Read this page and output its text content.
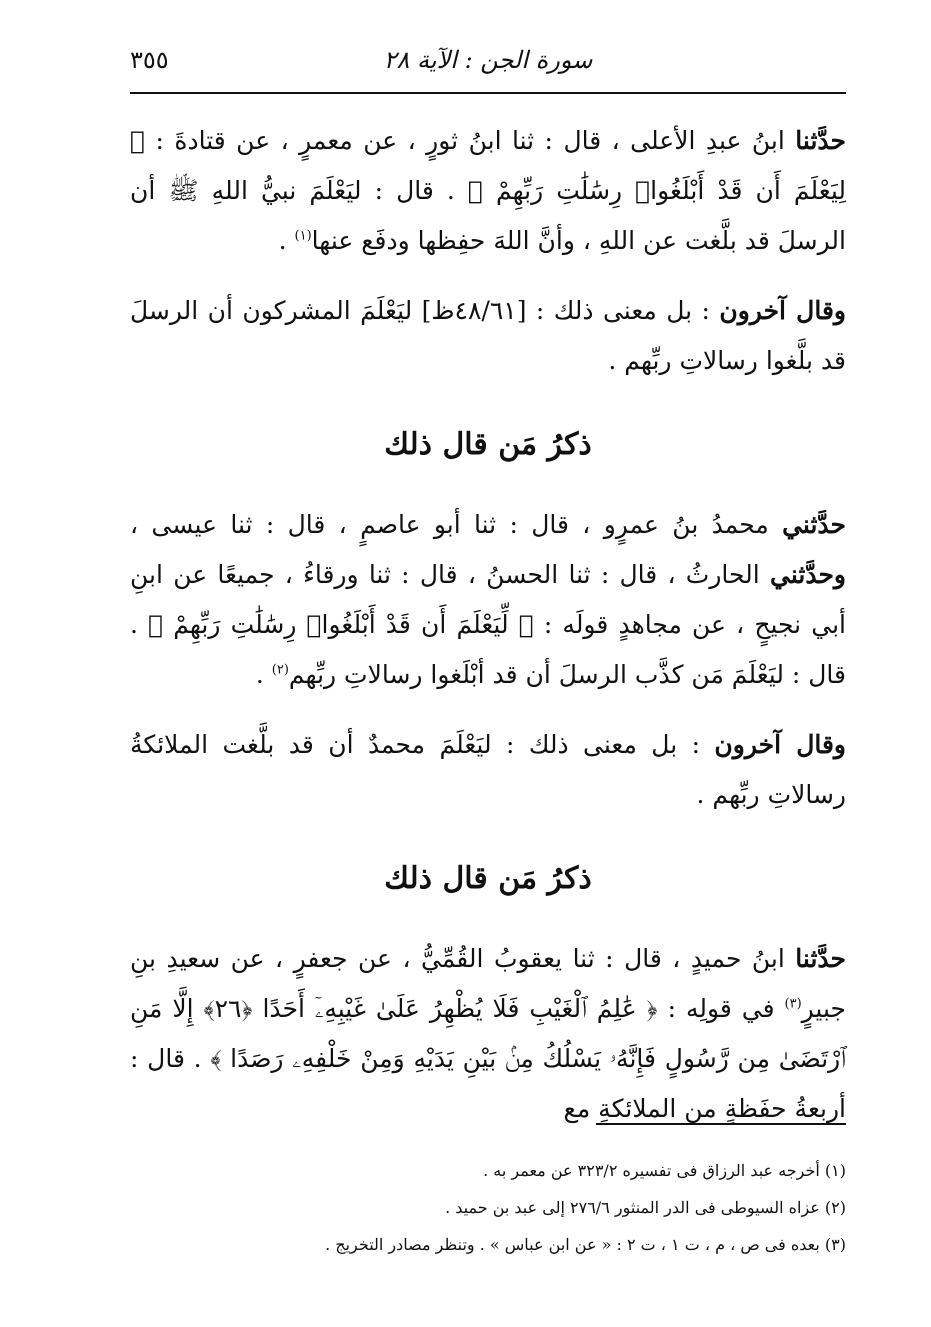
٣٥٥	سورة الجن : الآية ٢٨

حدَّثنا ابنُ عبدِ الأعلى ، قال : ثنا ابنُ ثورٍ ، عن معمرٍ ، عن قتادةَ : ﴿ لِيَعْلَمَ أَن قَدْ أَبْلَغُوا۟ رِسَٰلَٰتِ رَبِّهِمْ ﴾ . قال : ليَعْلَمَ نبيُّ اللهِ ﷺ أن الرسلَ قد بلَّغت عن اللهِ ، وأنَّ اللهَ حفِظها ودفَع عنها$^{(١)}$ .

وقال آخرون : بل معنى ذلك : [٤٨/٦١ظ] ليَعْلَمَ المشركون أن الرسلَ قد بلَّغوا رسالاتِ ربِّهم .

ذكرُ مَن قال ذلك

حدَّثني محمدُ بنُ عمرٍو ، قال : ثنا أبو عاصمٍ ، قال : ثنا عيسى ، وحدَّثني الحارثُ ، قال : ثنا الحسنُ ، قال : ثنا ورقاءُ ، جميعًا عن ابنِ أبي نجيحٍ ، عن مجاهدٍ قولَه : ﴿ لِّيَعْلَمَ أَن قَدْ أَبْلَغُوا۟ رِسَٰلَٰتِ رَبِّهِمْ ﴾ . قال : ليَعْلَمَ مَن كذَّب الرسلَ أن قد أبْلَغوا رسالاتِ ربِّهم$^{(٢)}$ .

وقال آخرون : بل معنى ذلك : ليَعْلَمَ محمدٌ أن قد بلَّغت الملائكةُ رسالاتِ ربِّهم .

ذكرُ مَن قال ذلك

حدَّثنا ابنُ حميدٍ ، قال : ثنا يعقوبُ القُمِّيُّ ، عن جعفرٍ ، عن سعيدِ بنِ جبيرٍ$^{(٣)}$ في قولِه : ﴿ عَٰلِمُ ٱلْغَيْبِ فَلَا يُظْهِرُ عَلَىٰ غَيْبِهِۦٓ أَحَدًا ﴿٢٦﴾ إِلَّا مَنِ ٱرْتَضَىٰ مِن رَّسُولٍ فَإِنَّهُۥ يَسْلُكُ مِنۢ بَيْنِ يَدَيْهِ وَمِنْ خَلْفِهِۦ رَصَدًا ﴾ . قال : أربعةُ حفَظةٍ من الملائكةِ مع

(١) أخرجه عبد الرزاق فى تفسيره ٣٢٣/٢ عن معمر به .

(٢) عزاه السيوطى فى الدر المنثور ٢٧٦/٦ إلى عبد بن حميد .

(٣) بعده فى ص ، م ، ت ١ ، ت ٢ : « عن ابن عباس » . وتنظر مصادر التخريج .
